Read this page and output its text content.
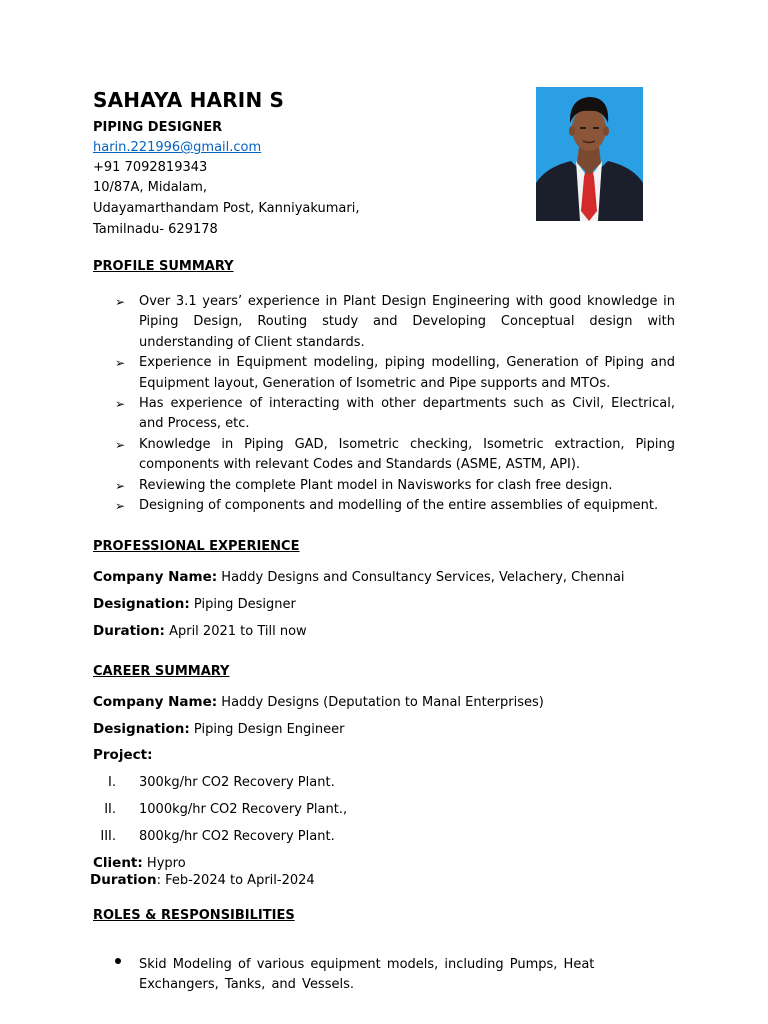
SAHAYA HARIN S
PIPING DESIGNER
harin.221996@gmail.com
+91 7092819343
10/87A, Midalam,
Udayamarthandam Post, Kanniyakumari,
Tamilnadu- 629178
PROFILE SUMMARY
➢ Over 3.1 years’ experience in Plant Design Engineering with good knowledge in Piping Design, Routing study and Developing Conceptual design with understanding of Client standards.
➢ Experience in Equipment modeling, piping modelling, Generation of Piping and Equipment layout, Generation of Isometric and Pipe supports and MTOs.
➢ Has experience of interacting with other departments such as Civil, Electrical, and Process, etc.
➢ Knowledge in Piping GAD, Isometric checking, Isometric extraction, Piping components with relevant Codes and Standards (ASME, ASTM, API).
➢ Reviewing the complete Plant model in Navisworks for clash free design.
➢ Designing of components and modelling of the entire assemblies of equipment.
PROFESSIONAL EXPERIENCE
Company Name: Haddy Designs and Consultancy Services, Velachery, Chennai
Designation: Piping Designer
Duration: April 2021 to Till now
CAREER SUMMARY
Company Name: Haddy Designs (Deputation to Manal Enterprises)
Designation: Piping Design Engineer
Project:
I. 300kg/hr CO2 Recovery Plant.
II. 1000kg/hr CO2 Recovery Plant.,
III. 800kg/hr CO2 Recovery Plant.
Client: Hypro
Duration: Feb-2024 to April-2024
ROLES & RESPONSIBILITIES
Skid Modeling of various equipment models, including Pumps, Heat Exchangers, Tanks, and Vessels.
